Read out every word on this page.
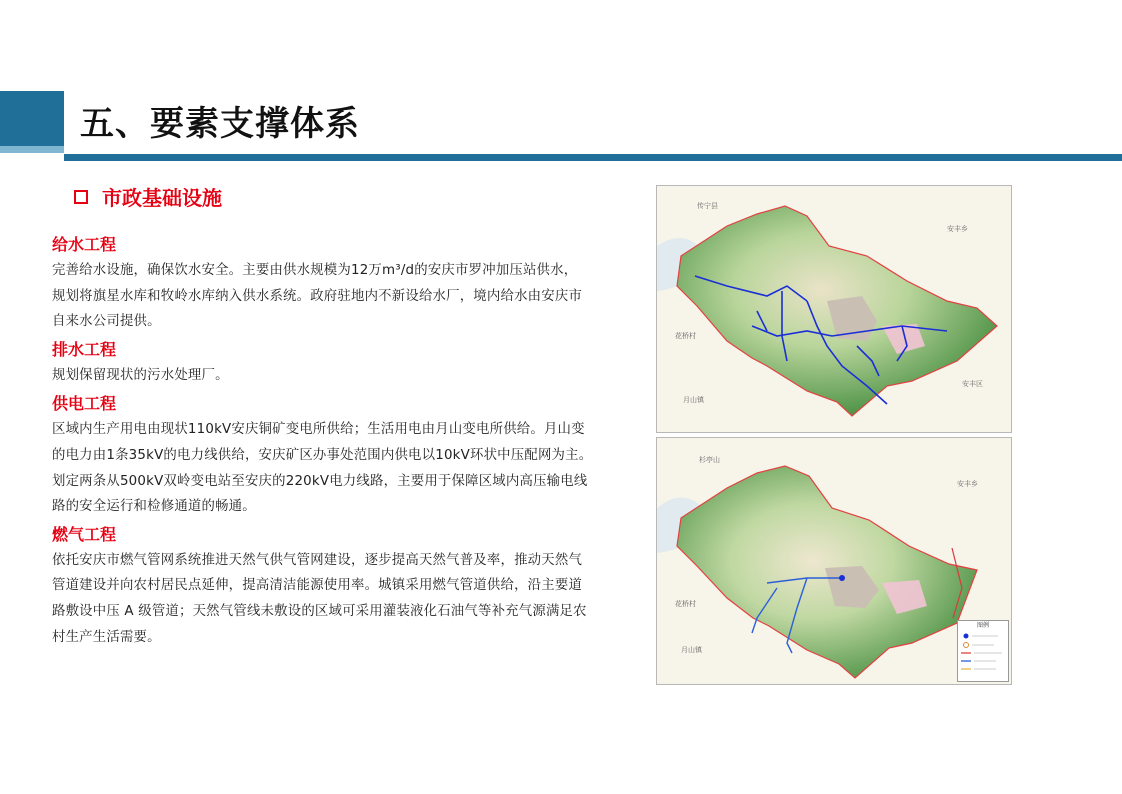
五、要素支撑体系
市政基础设施
给水工程
完善给水设施，确保饮水安全。主要由供水规模为12万m³/d的安庆市罗冲加压站供水，
规划将旗星水库和牧岭水库纳入供水系统。政府驻地内不新设给水厂，境内给水由安庆市
自来水公司提供。
排水工程
规划保留现状的污水处理厂。
供电工程
区域内生产用电由现状110kV安庆铜矿变电所供给；生活用电由月山变电所供给。月山变
的电力由1条35kV的电力线供给，安庆矿区办事处范围内供电以10kV环状中压配网为主。
划定两条从500kV双岭变电站至安庆的220kV电力线路，主要用于保障区域内高压输电线
路的安全运行和检修通道的畅通。
燃气工程
依托安庆市燃气管网系统推进天然气供气管网建设，逐步提高天然气普及率，推动天然气
管道建设并向农村居民点延伸，提高清洁能源使用率。城镇采用燃气管道供给，沿主要道
路敷设中压 A 级管道；天然气管线未敷设的区域可采用灌装液化石油气等补充气源满足农
村生产生活需要。
花桥村
传宁县
安丰乡
月山镇
安丰区
花桥村
杉亭山
安丰乡
月山镇
图例
